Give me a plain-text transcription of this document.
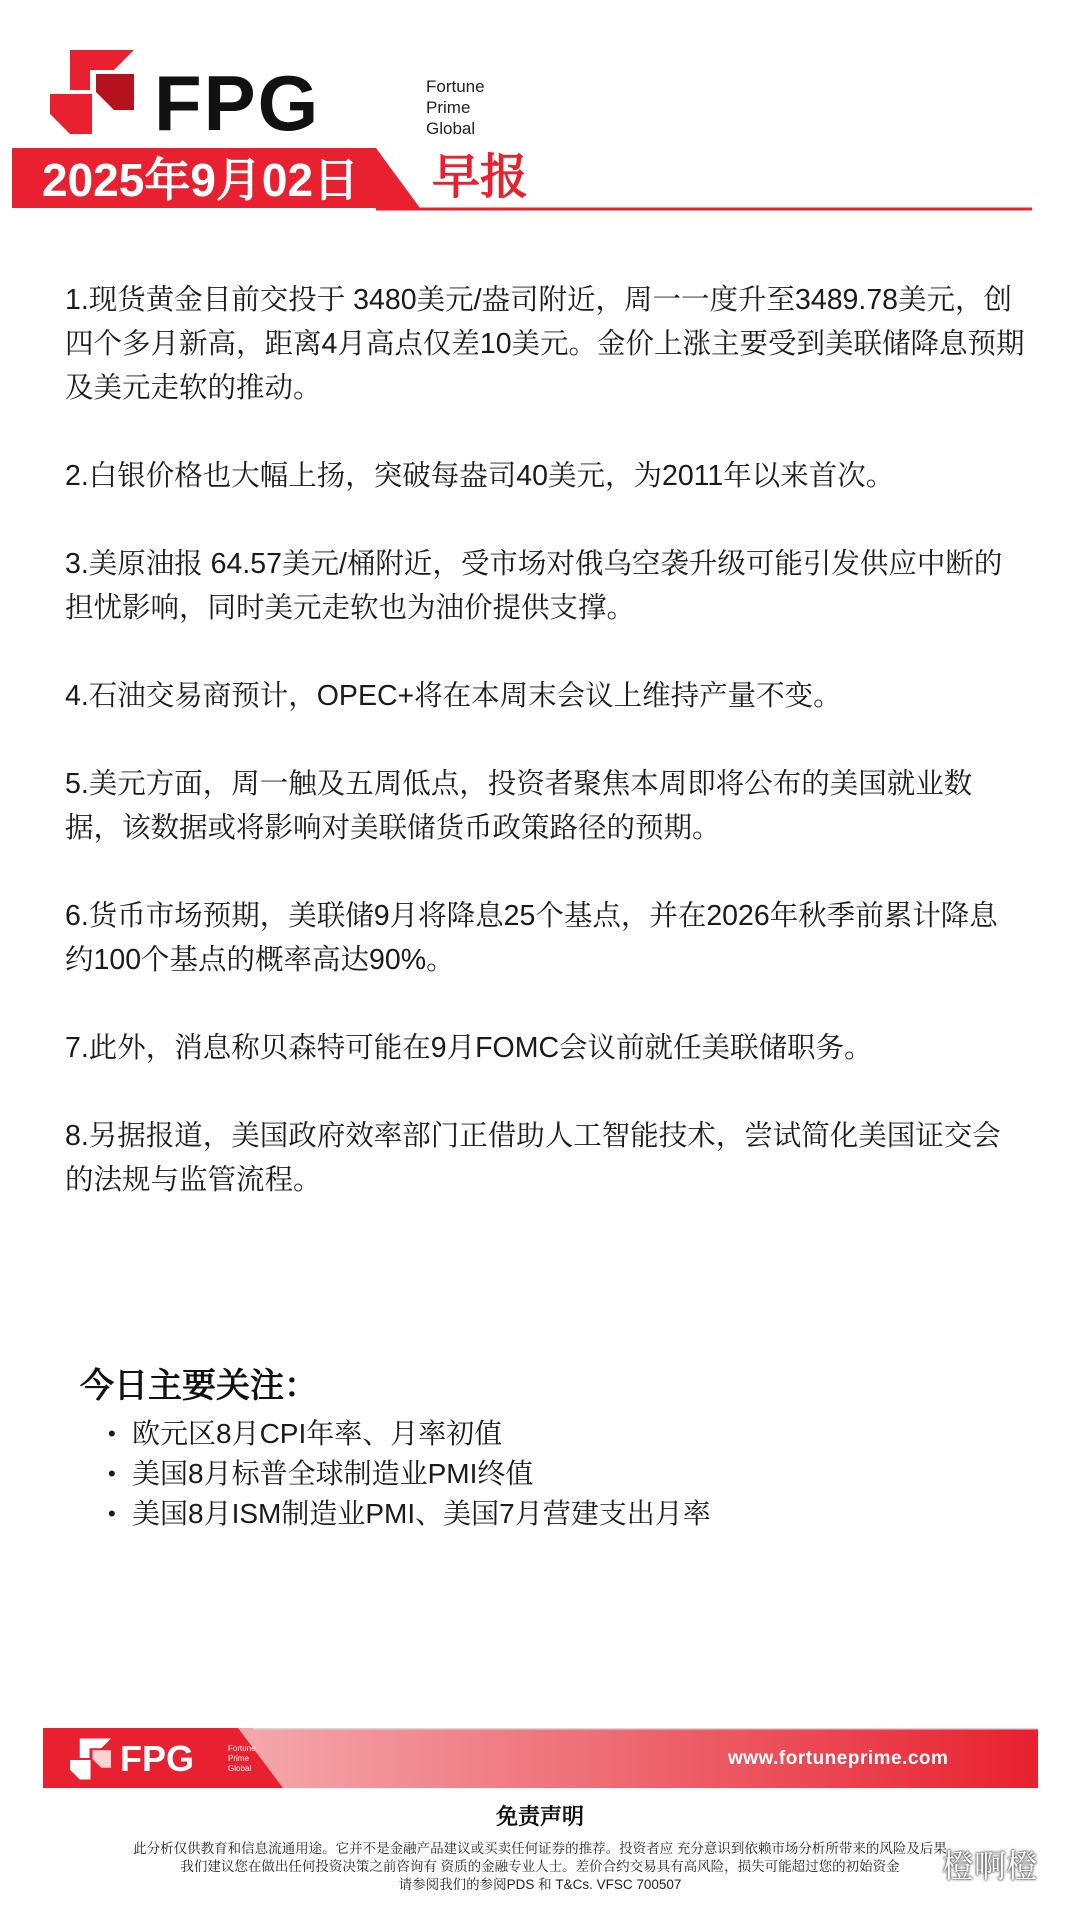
FPG	Fortune
Prime
Global
2025年9月02日 早报

1.现货黄金目前交投于 3480美元/盎司附近，周一一度升至3489.78美元，创四个多月新高，距离4月高点仅差10美元。金价上涨主要受到美联储降息预期及美元走软的推动。

2.白银价格也大幅上扬，突破每盎司40美元，为2011年以来首次。

3.美原油报 64.57美元/桶附近，受市场对俄乌空袭升级可能引发供应中断的担忧影响，同时美元走软也为油价提供支撑。

4.石油交易商预计，OPEC+将在本周末会议上维持产量不变。

5.美元方面，周一触及五周低点，投资者聚焦本周即将公布的美国就业数据，该数据或将影响对美联储货币政策路径的预期。

6.货币市场预期，美联储9月将降息25个基点，并在2026年秋季前累计降息约100个基点的概率高达90%。

7.此外，消息称贝森特可能在9月FOMC会议前就任美联储职务。

8.另据报道，美国政府效率部门正借助人工智能技术，尝试简化美国证交会的法规与监管流程。

今日主要关注：
• 欧元区8月CPI年率、月率初值
• 美国8月标普全球制造业PMI终值
• 美国8月ISM制造业PMI、美国7月营建支出月率
FPG	Fortune
Prime
Global	www.fortuneprime.com
免责声明
此分析仅供教育和信息流通用途。它并不是金融产品建议或买卖任何证券的推荐。投资者应 充分意识到依赖市场分析所带来的风险及后果
我们建议您在做出任何投资决策之前咨询有 资质的金融专业人士。差价合约交易具有高风险，损失可能超过您的初始资金
请参阅我们的参阅PDS 和 T&Cs. VFSC 700507
橙啊橙
